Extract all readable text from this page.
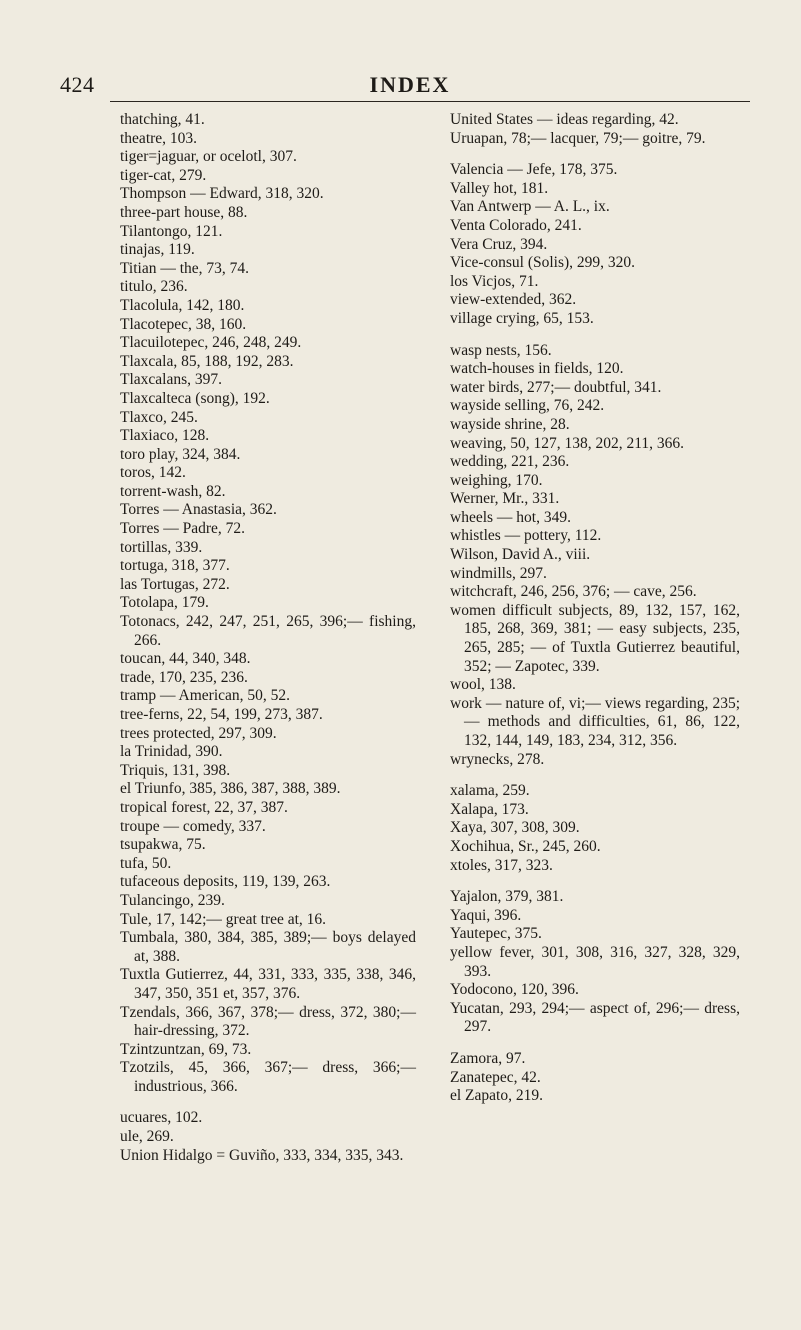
424	INDEX
thatching, 41.
theatre, 103.
tiger=jaguar, or ocelotl, 307.
tiger-cat, 279.
Thompson — Edward, 318, 320.
three-part house, 88.
Tilantongo, 121.
tinajas, 119.
Titian — the, 73, 74.
titulo, 236.
Tlacolula, 142, 180.
Tlacotepec, 38, 160.
Tlacuilotepec, 246, 248, 249.
Tlaxcala, 85, 188, 192, 283.
Tlaxcalans, 397.
Tlaxcalteca (song), 192.
Tlaxco, 245.
Tlaxiaco, 128.
toro play, 324, 384.
toros, 142.
torrent-wash, 82.
Torres — Anastasia, 362.
Torres — Padre, 72.
tortillas, 339.
tortuga, 318, 377.
las Tortugas, 272.
Totolapa, 179.
Totonacs, 242, 247, 251, 265, 396;— fishing, 266.
toucan, 44, 340, 348.
trade, 170, 235, 236.
tramp — American, 50, 52.
tree-ferns, 22, 54, 199, 273, 387.
trees protected, 297, 309.
la Trinidad, 390.
Triquis, 131, 398.
el Triunfo, 385, 386, 387, 388, 389.
tropical forest, 22, 37, 387.
troupe — comedy, 337.
tsupakwa, 75.
tufa, 50.
tufaceous deposits, 119, 139, 263.
Tulancingo, 239.
Tule, 17, 142;— great tree at, 16.
Tumbala, 380, 384, 385, 389;— boys delayed at, 388.
Tuxtla Gutierrez, 44, 331, 333, 335, 338, 346, 347, 350, 351 et, 357, 376.
Tzendals, 366, 367, 378;— dress, 372, 380;— hair-dressing, 372.
Tzintzuntzan, 69, 73.
Tzotzils, 45, 366, 367;— dress, 366;— industrious, 366.
ucuares, 102.
ule, 269.
Union Hidalgo = Guviño, 333, 334, 335, 343.
United States — ideas regarding, 42.
Uruapan, 78;— lacquer, 79;— goitre, 79.
Valencia — Jefe, 178, 375.
Valley hot, 181.
Van Antwerp — A. L., ix.
Venta Colorado, 241.
Vera Cruz, 394.
Vice-consul (Solis), 299, 320.
los Vicjos, 71.
view-extended, 362.
village crying, 65, 153.
wasp nests, 156.
watch-houses in fields, 120.
water birds, 277;— doubtful, 341.
wayside selling, 76, 242.
wayside shrine, 28.
weaving, 50, 127, 138, 202, 211, 366.
wedding, 221, 236.
weighing, 170.
Werner, Mr., 331.
wheels — hot, 349.
whistles — pottery, 112.
Wilson, David A., viii.
windmills, 297.
witchcraft, 246, 256, 376; — cave, 256.
women difficult subjects, 89, 132, 157, 162, 185, 268, 369, 381; — easy subjects, 235, 265, 285; — of Tuxtla Gutierrez beautiful, 352; — Zapotec, 339.
wool, 138.
work — nature of, vi;— views regarding, 235;— methods and difficulties, 61, 86, 122, 132, 144, 149, 183, 234, 312, 356.
wrynecks, 278.
xalama, 259.
Xalapa, 173.
Xaya, 307, 308, 309.
Xochihua, Sr., 245, 260.
xtoles, 317, 323.
Yajalon, 379, 381.
Yaqui, 396.
Yautepec, 375.
yellow fever, 301, 308, 316, 327, 328, 329, 393.
Yodocono, 120, 396.
Yucatan, 293, 294;— aspect of, 296;— dress, 297.
Zamora, 97.
Zanatepec, 42.
el Zapato, 219.
